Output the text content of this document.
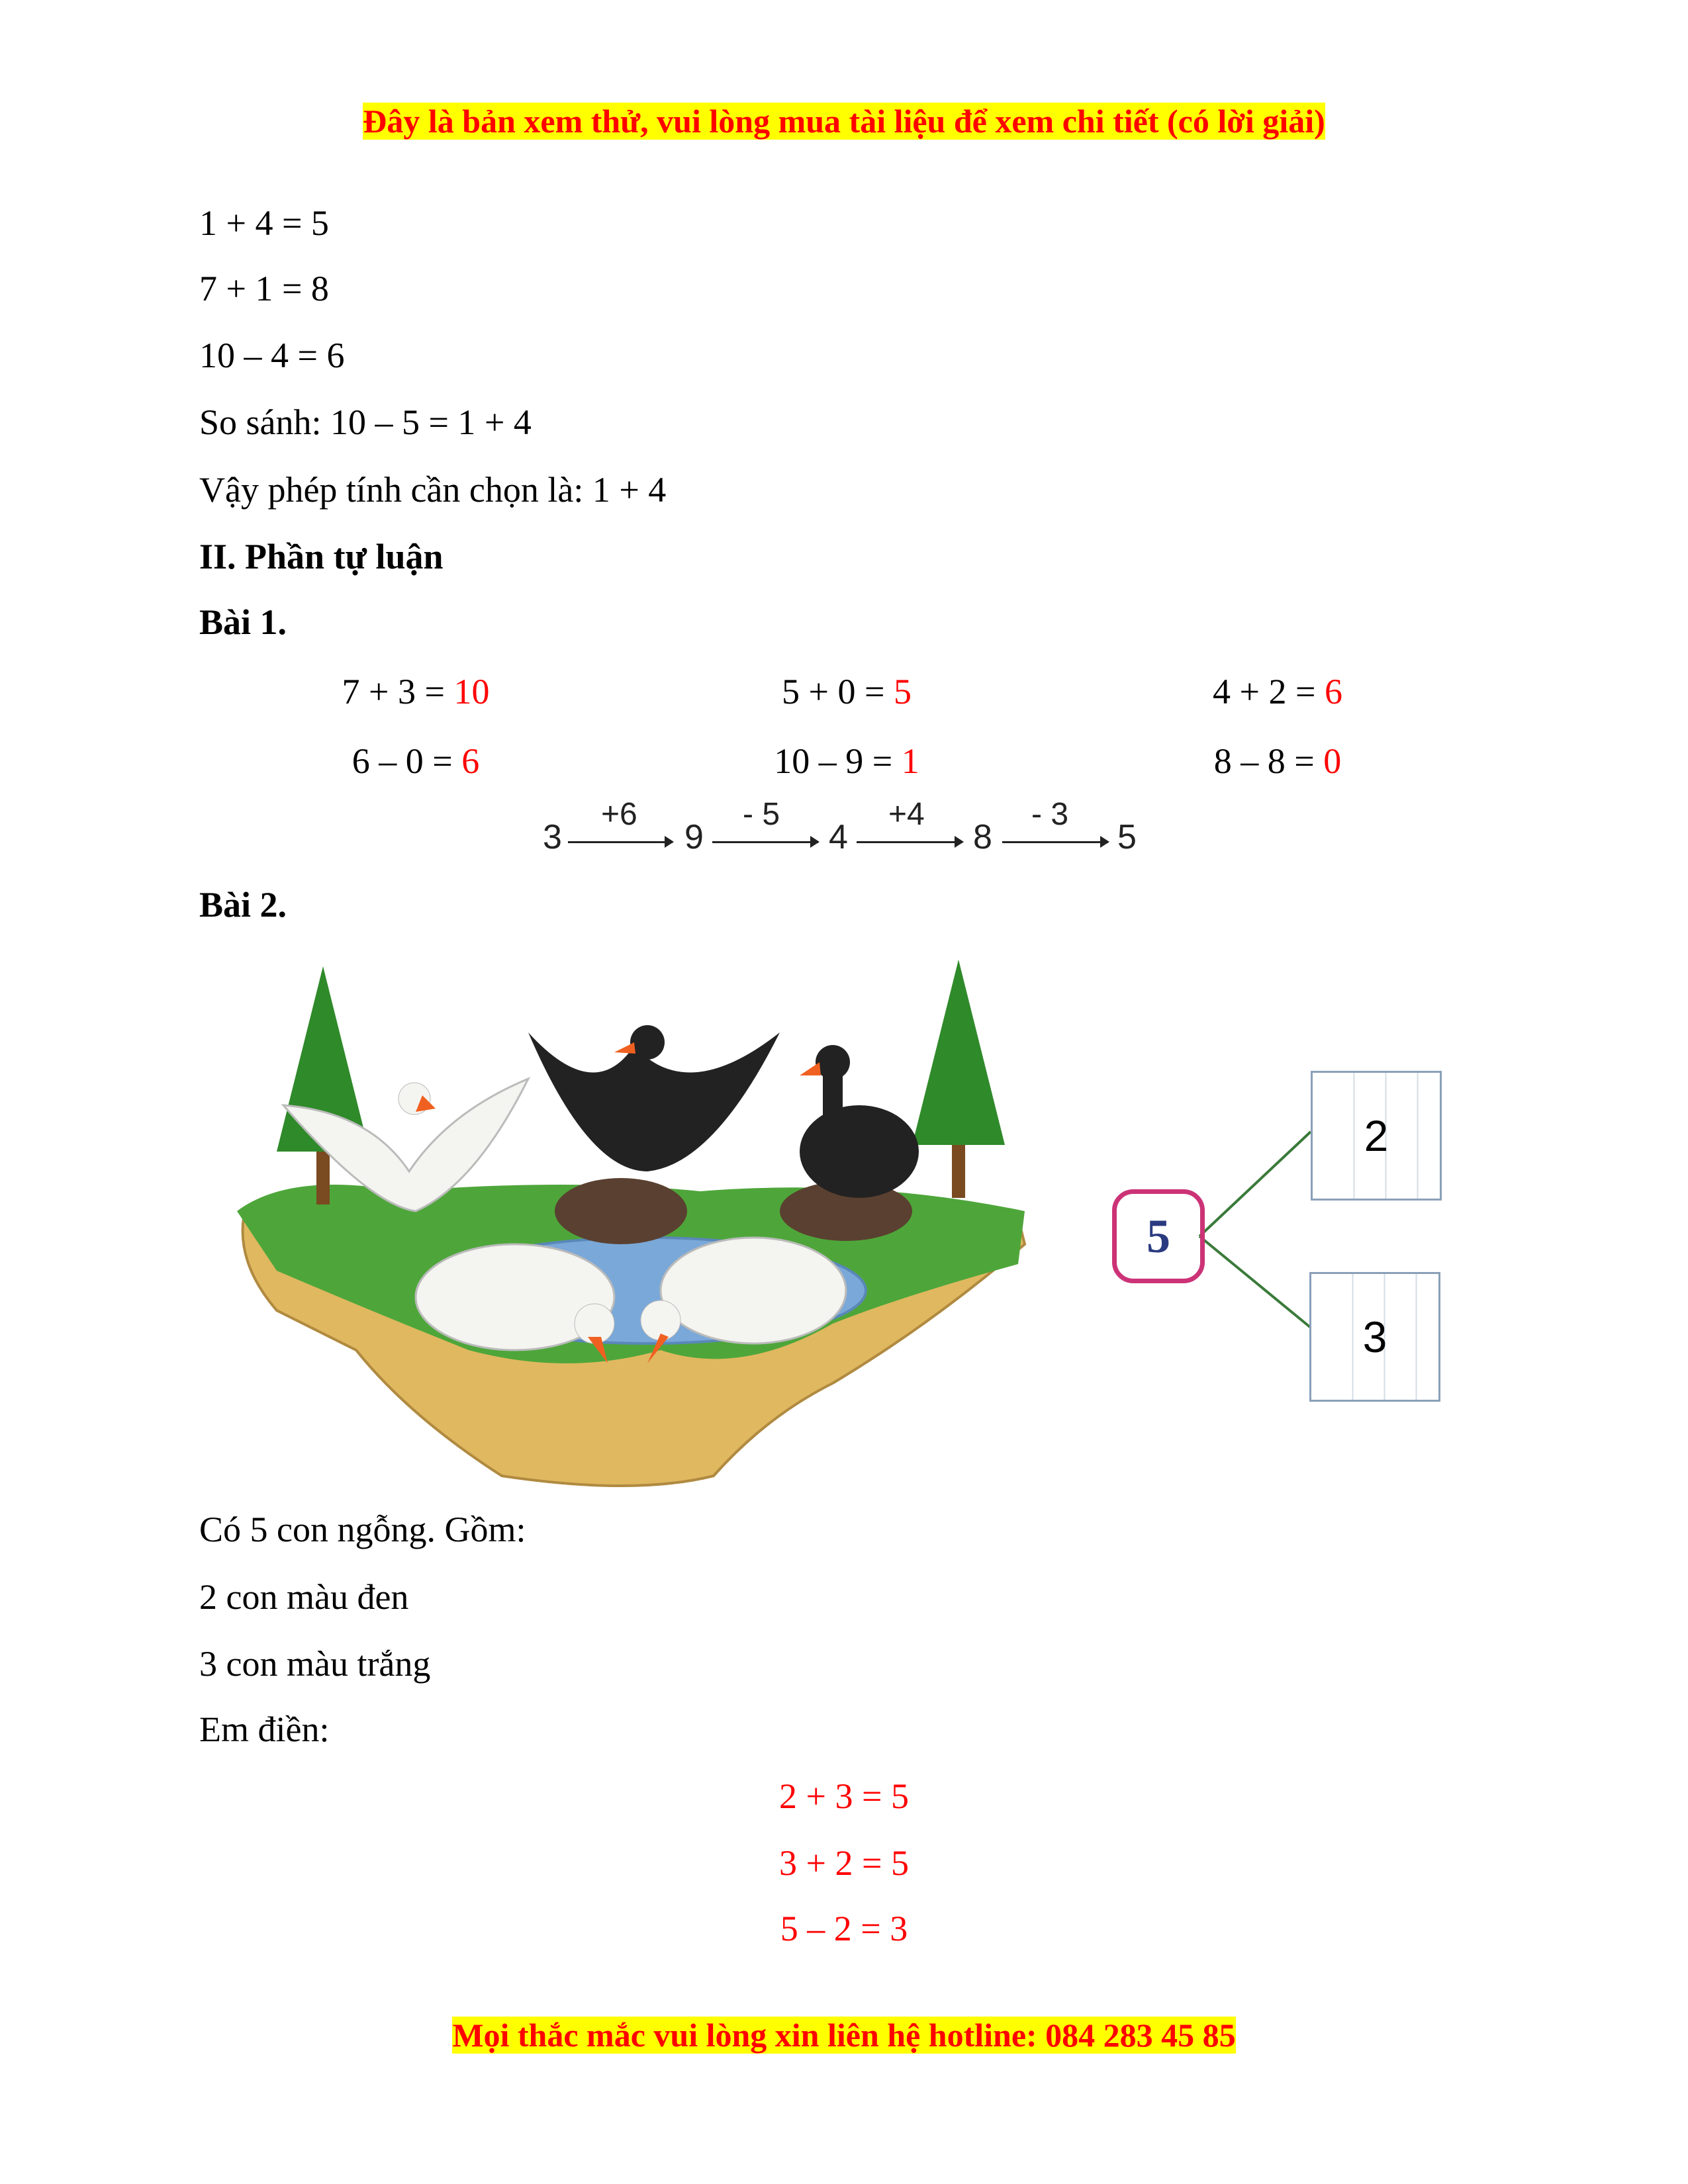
Đây là bản xem thử, vui lòng mua tài liệu để xem chi tiết (có lời giải)
1 + 4 = 5
7 + 1 = 8
10 – 4 = 6
So sánh: 10 – 5 = 1 + 4
Vậy phép tính cần chọn là: 1 + 4
II. Phần tự luận
Bài 1.
7 + 3 = 10	5 + 0 = 5	4 + 2 = 6
6 – 0 = 6	10 – 9 = 1	8 – 8 = 0
3
+6
9
- 5
4
+4
8
- 3
5
Bài 2.
5
2
3
Có 5 con ngỗng. Gồm:
2 con màu đen
3 con màu trắng
Em điền:
2 + 3 = 5
3 + 2 = 5
5 – 2 = 3
Mọi thắc mắc vui lòng xin liên hệ hotline: 084 283 45 85
